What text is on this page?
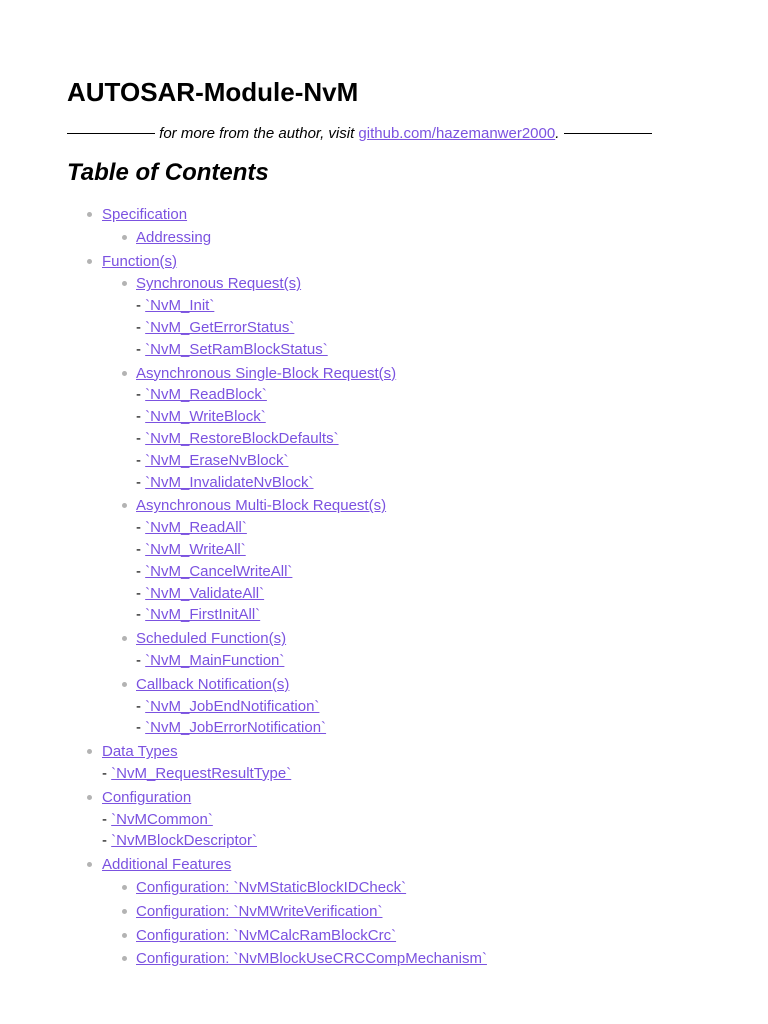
AUTOSAR-Module-NvM
for more from the author, visit github.com/hazemanwer2000.
Table of Contents
Specification
Addressing
Function(s)
Synchronous Request(s)
- `NvM_Init`
- `NvM_GetErrorStatus`
- `NvM_SetRamBlockStatus`
Asynchronous Single-Block Request(s)
- `NvM_ReadBlock`
- `NvM_WriteBlock`
- `NvM_RestoreBlockDefaults`
- `NvM_EraseNvBlock`
- `NvM_InvalidateNvBlock`
Asynchronous Multi-Block Request(s)
- `NvM_ReadAll`
- `NvM_WriteAll`
- `NvM_CancelWriteAll`
- `NvM_ValidateAll`
- `NvM_FirstInitAll`
Scheduled Function(s)
- `NvM_MainFunction`
Callback Notification(s)
- `NvM_JobEndNotification`
- `NvM_JobErrorNotification`
Data Types
- `NvM_RequestResultType`
Configuration
- `NvMCommon`
- `NvMBlockDescriptor`
Additional Features
Configuration: `NvMStaticBlockIDCheck`
Configuration: `NvMWriteVerification`
Configuration: `NvMCalcRamBlockCrc`
Configuration: `NvMBlockUseCRCCompMechanism`
